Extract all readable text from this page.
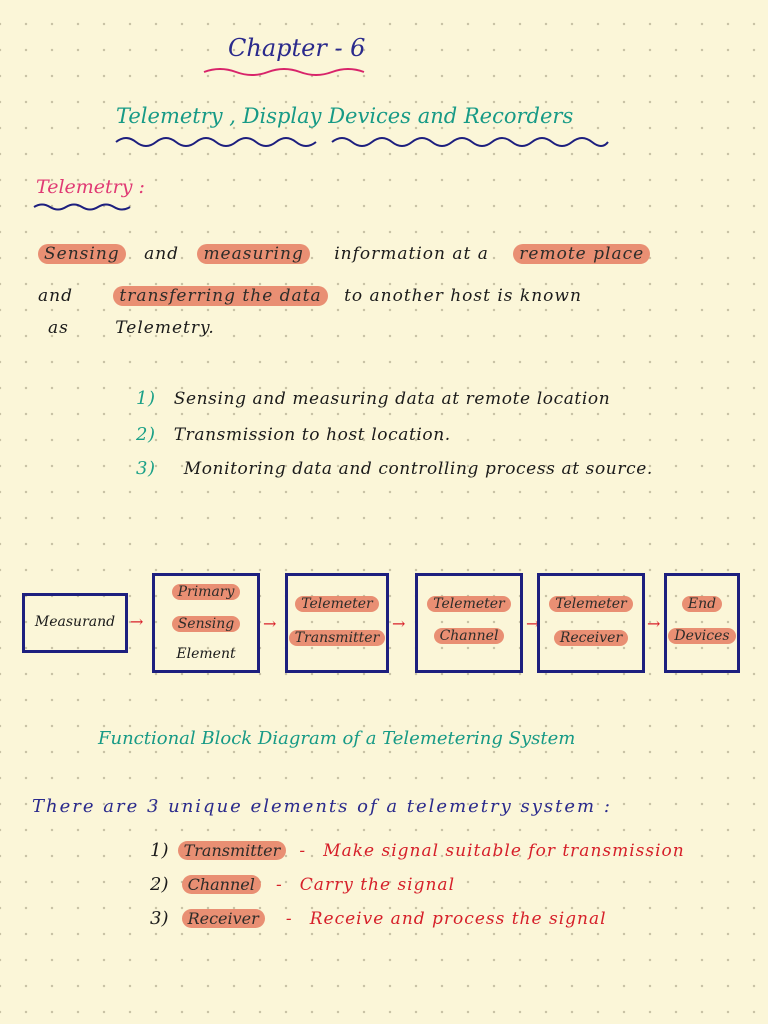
Chapter - 6
Telemetry , Display Devices and Recorders
Telemetry :
Sensing and measuring information at a remote place
and	transferring the data to another host is known
as	Telemetry.
1) Sensing and measuring data at remote location
2) Transmission to host location.
3) Monitoring data and controlling process at source.
Measurand →
Primary
Sensing
Element
→
Telemeter
Transmitter
→
Telemeter
Channel
→
Telemeter
Receiver
→
End
Devices
Functional Block Diagram of a Telemetering System
There are 3 unique elements of a telemetry system :
1) Transmitter - Make signal suitable for transmission
2) Channel - Carry the signal
3) Receiver - Receive and process the signal
